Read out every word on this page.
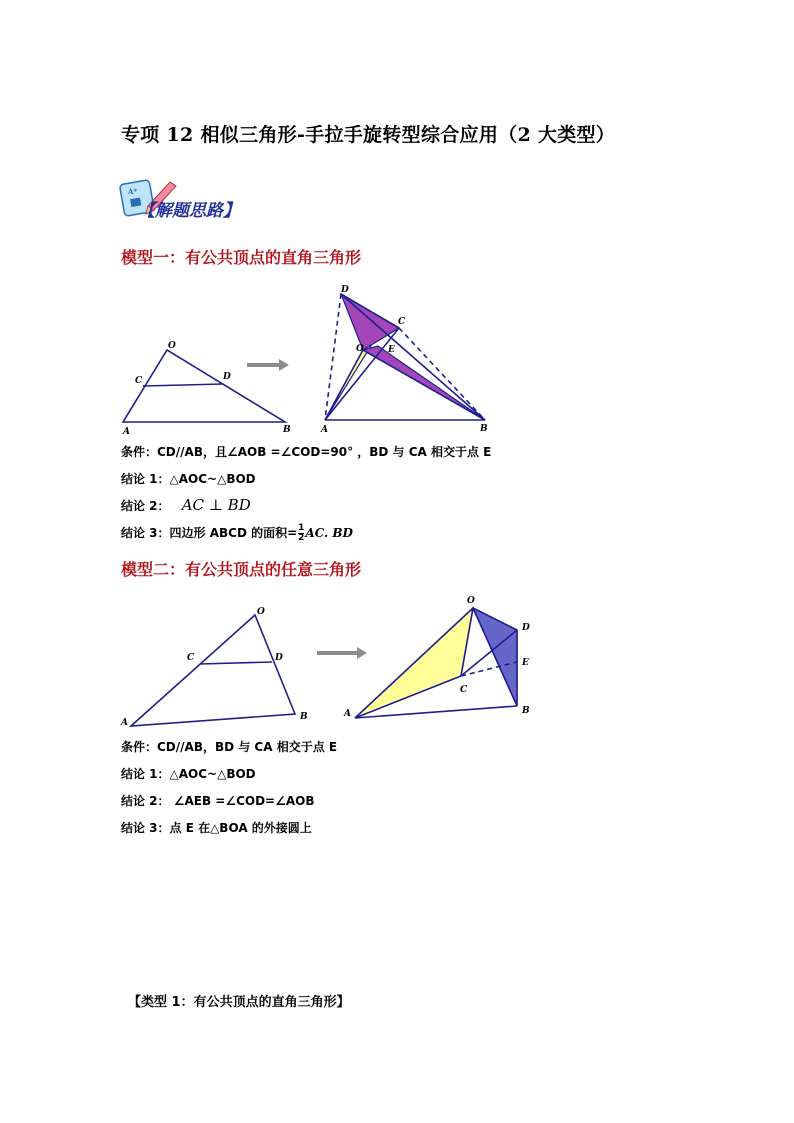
专项 12 相似三角形-手拉手旋转型综合应用（2 大类型）
A*
【解题思路】
模型一：有公共顶点的直角三角形
O
C	D
A	B
D
C
O	E
A	B
条件：CD//AB，且∠AOB =∠COD=90° ，BD 与 CA 相交于点 E
结论 1：△AOC~△BOD
结论 2： AC ⊥ BD
结论 3：四边形 ABCD 的面积= $\frac{1}{2}$ AC. BD
模型二：有公共顶点的任意三角形
O
C	D
A
B
O
D
E
C
A	B
条件：CD//AB，BD 与 CA 相交于点 E
结论 1：△AOC~△BOD
结论 2： ∠AEB =∠COD=∠AOB
结论 3：点 E 在△BOA 的外接圆上
【类型 1：有公共顶点的直角三角形】
